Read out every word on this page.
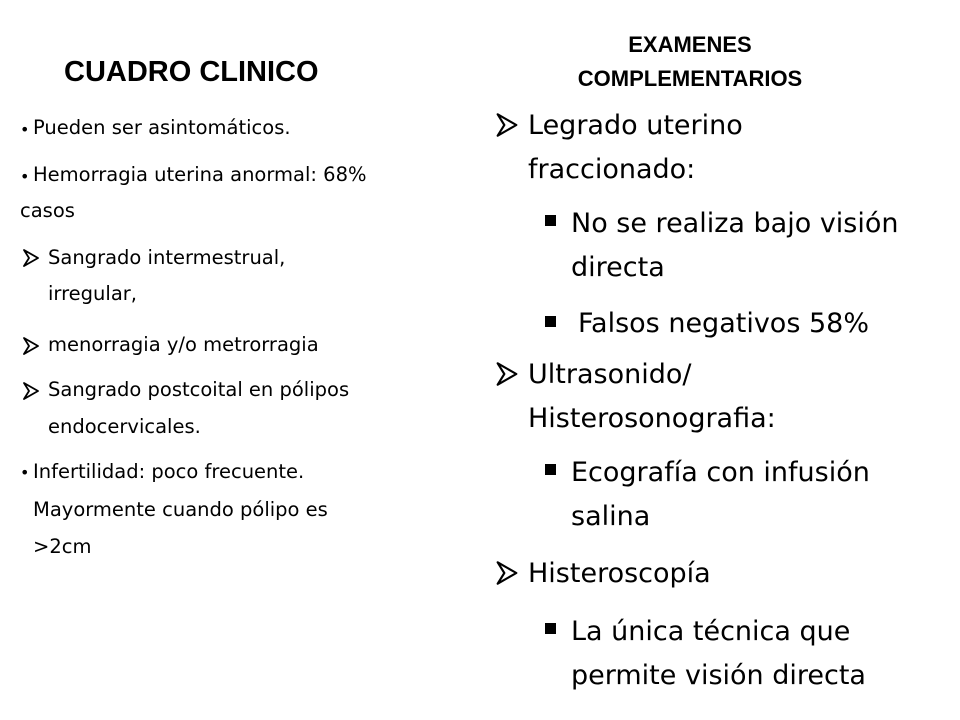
CUADRO CLINICO
EXAMENES
COMPLEMENTARIOS
• Pueden ser asintomáticos.
• Hemorragia uterina anormal: 68%
casos
Sangrado intermestrual,
irregular,
menorragia y/o metrorragia
Sangrado postcoital en pólipos
endocervicales.
• Infertilidad: poco frecuente.
Mayormente cuando pólipo es
>2cm
Legrado uterino
fraccionado:
No se realiza bajo visión
directa
Falsos negativos 58%
Ultrasonido/
Histerosonografia:
Ecografía con infusión
salina
Histeroscopía
La única técnica que
permite visión directa
